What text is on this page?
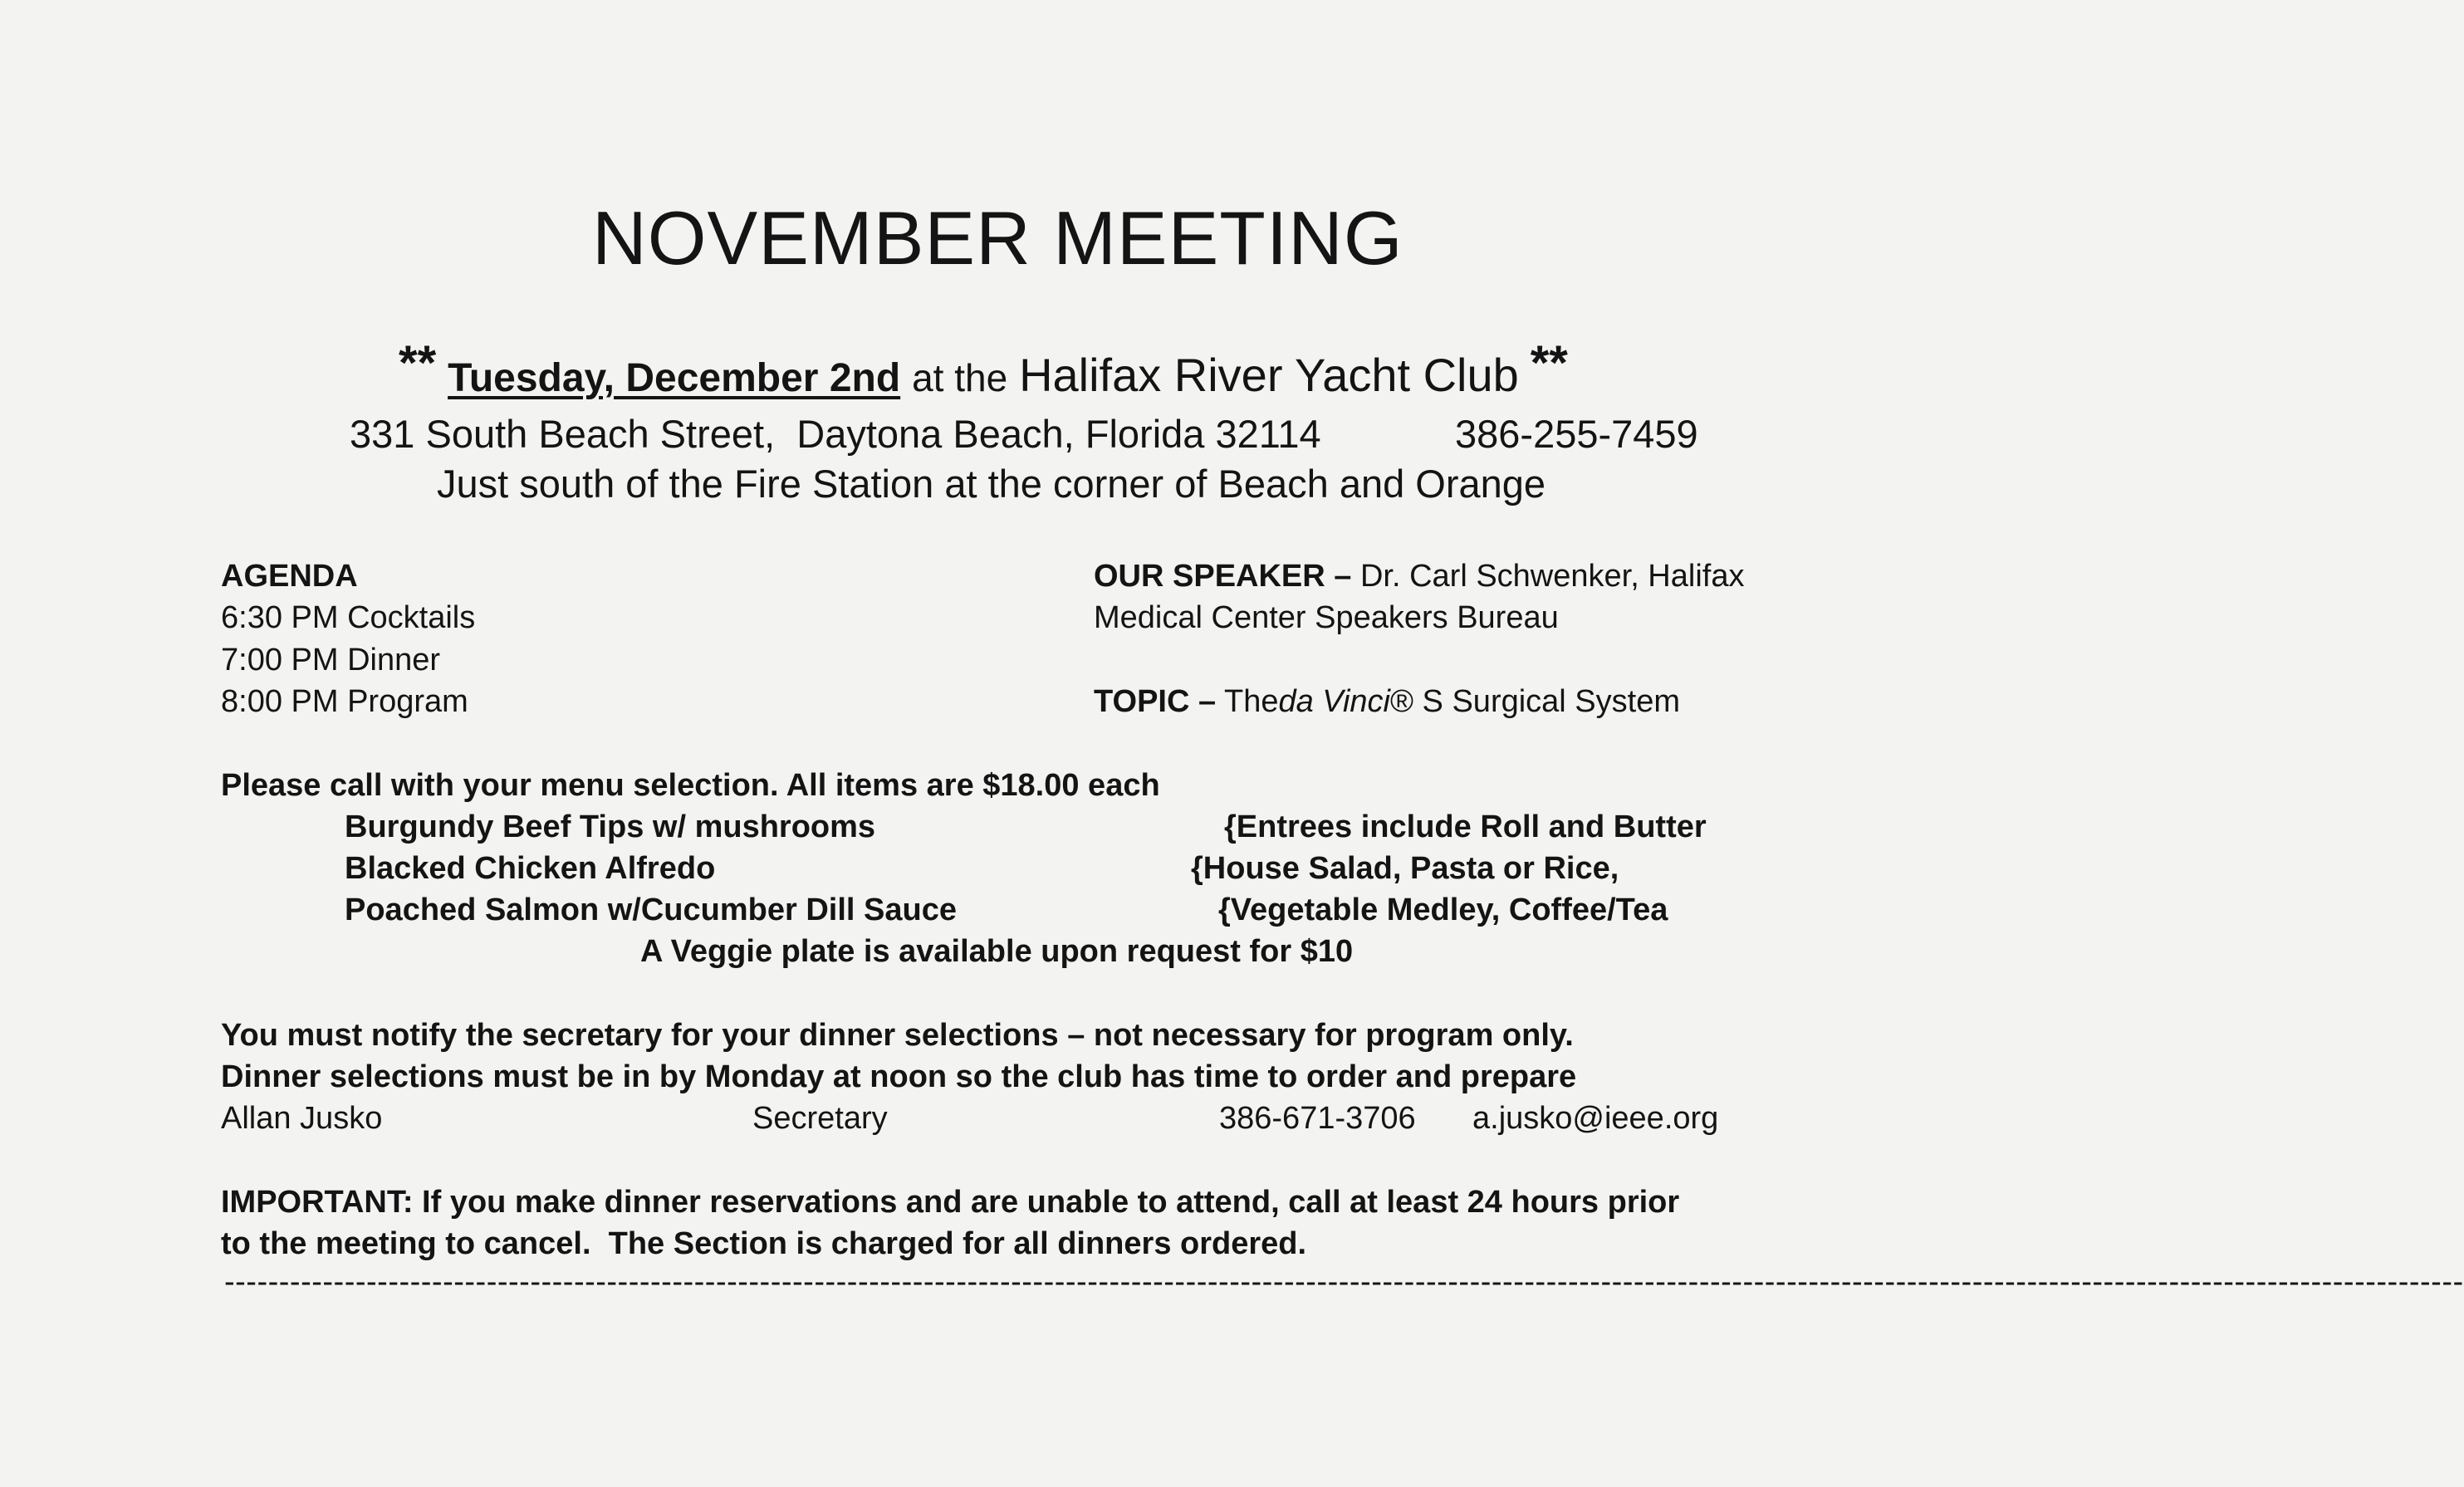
NOVEMBER MEETING
** Tuesday, December 2nd at the Halifax River Yacht Club **
331 South Beach Street,  Daytona Beach, Florida 32114	386-255-7459
Just south of the Fire Station at the corner of Beach and Orange
AGENDA
6:30 PM Cocktails
7:00 PM Dinner
8:00 PM Program
OUR SPEAKER – Dr. Carl Schwenker, Halifax
Medical Center Speakers Bureau
TOPIC – Theda Vinci® S Surgical System
Please call with your menu selection. All items are $18.00 each
Burgundy Beef Tips w/ mushrooms
Blacked Chicken Alfredo
Poached Salmon w/Cucumber Dill Sauce
{Entrees include Roll and Butter
{House Salad, Pasta or Rice,
{Vegetable Medley, Coffee/Tea
A Veggie plate is available upon request for $10
You must notify the secretary for your dinner selections – not necessary for program only.
Dinner selections must be in by Monday at noon so the club has time to order and prepare
Allan Jusko	Secretary	386-671-3706 a.jusko@ieee.org
IMPORTANT: If you make dinner reservations and are unable to attend, call at least 24 hours prior
to the meeting to cancel.  The Section is charged for all dinners ordered.
-------------------------------------------------------------------------------------------------------------------------------------------------------------------------------------------------------------
